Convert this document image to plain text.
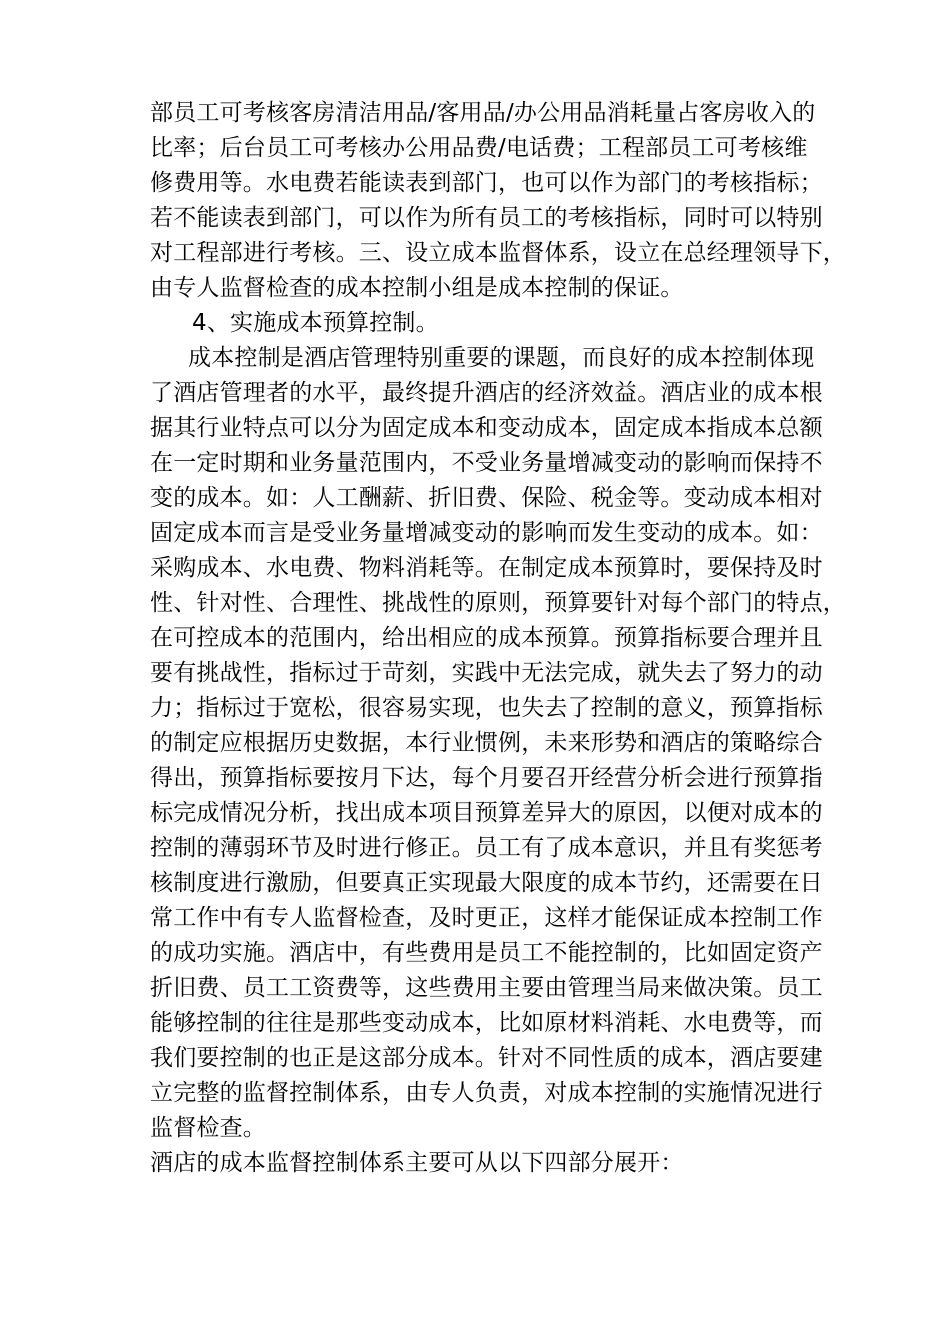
部员工可考核客房清洁用品/客用品/办公用品消耗量占客房收入的
比率；后台员工可考核办公用品费/电话费；工程部员工可考核维
修费用等。水电费若能读表到部门，也可以作为部门的考核指标；
若不能读表到部门，可以作为所有员工的考核指标，同时可以特别
对工程部进行考核。三、设立成本监督体系，设立在总经理领导下，
由专人监督检查的成本控制小组是成本控制的保证。
4、实施成本预算控制。
成本控制是酒店管理特别重要的课题，而良好的成本控制体现
了酒店管理者的水平，最终提升酒店的经济效益。酒店业的成本根
据其行业特点可以分为固定成本和变动成本，固定成本指成本总额
在一定时期和业务量范围内，不受业务量增减变动的影响而保持不
变的成本。如：人工酬薪、折旧费、保险、税金等。变动成本相对
固定成本而言是受业务量增减变动的影响而发生变动的成本。如：
采购成本、水电费、物料消耗等。在制定成本预算时，要保持及时
性、针对性、合理性、挑战性的原则，预算要针对每个部门的特点，
在可控成本的范围内，给出相应的成本预算。预算指标要合理并且
要有挑战性，指标过于苛刻，实践中无法完成，就失去了努力的动
力；指标过于宽松，很容易实现，也失去了控制的意义，预算指标
的制定应根据历史数据，本行业惯例，未来形势和酒店的策略综合
得出，预算指标要按月下达，每个月要召开经营分析会进行预算指
标完成情况分析，找出成本项目预算差异大的原因，以便对成本的
控制的薄弱环节及时进行修正。员工有了成本意识，并且有奖惩考
核制度进行激励，但要真正实现最大限度的成本节约，还需要在日
常工作中有专人监督检查，及时更正，这样才能保证成本控制工作
的成功实施。酒店中，有些费用是员工不能控制的，比如固定资产
折旧费、员工工资费等，这些费用主要由管理当局来做决策。员工
能够控制的往往是那些变动成本，比如原材料消耗、水电费等，而
我们要控制的也正是这部分成本。针对不同性质的成本，酒店要建
立完整的监督控制体系，由专人负责，对成本控制的实施情况进行
监督检查。
酒店的成本监督控制体系主要可从以下四部分展开：
